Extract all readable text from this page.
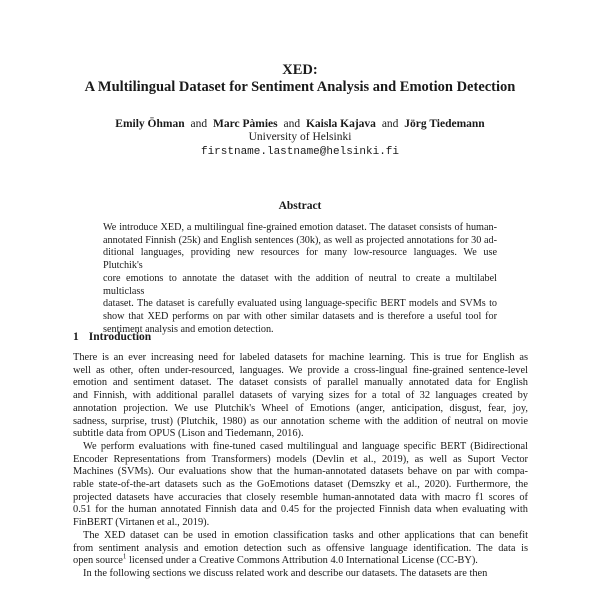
XED:
A Multilingual Dataset for Sentiment Analysis and Emotion Detection
Emily Öhman and Marc Pàmies and Kaisla Kajava and Jörg Tiedemann
University of Helsinki
firstname.lastname@helsinki.fi
Abstract
We introduce XED, a multilingual fine-grained emotion dataset. The dataset consists of human-
annotated Finnish (25k) and English sentences (30k), as well as projected annotations for 30 ad-
ditional languages, providing new resources for many low-resource languages. We use Plutchik's
core emotions to annotate the dataset with the addition of neutral to create a multilabel multiclass
dataset. The dataset is carefully evaluated using language-specific BERT models and SVMs to
show that XED performs on par with other similar datasets and is therefore a useful tool for
sentiment analysis and emotion detection.
1 Introduction

There is an ever increasing need for labeled datasets for machine learning. This is true for English as
well as other, often under-resourced, languages. We provide a cross-lingual fine-grained sentence-level
emotion and sentiment dataset. The dataset consists of parallel manually annotated data for English
and Finnish, with additional parallel datasets of varying sizes for a total of 32 languages created by
annotation projection. We use Plutchik's Wheel of Emotions (anger, anticipation, disgust, fear, joy,
sadness, surprise, trust) (Plutchik, 1980) as our annotation scheme with the addition of neutral on movie
subtitle data from OPUS (Lison and Tiedemann, 2016).

We perform evaluations with fine-tuned cased multilingual and language specific BERT (Bidirectional
Encoder Representations from Transformers) models (Devlin et al., 2019), as well as Suport Vector
Machines (SVMs). Our evaluations show that the human-annotated datasets behave on par with compa-
rable state-of-the-art datasets such as the GoEmotions dataset (Demszky et al., 2020). Furthermore, the
projected datasets have accuracies that closely resemble human-annotated data with macro f1 scores of
0.51 for the human annotated Finnish data and 0.45 for the projected Finnish data when evaluating with
FinBERT (Virtanen et al., 2019).

The XED dataset can be used in emotion classification tasks and other applications that can benefit
from sentiment analysis and emotion detection such as offensive language identification. The data is
open source$^1$ licensed under a Creative Commons Attribution 4.0 International License (CC-BY).

In the following sections we discuss related work and describe our datasets. The datasets are then
